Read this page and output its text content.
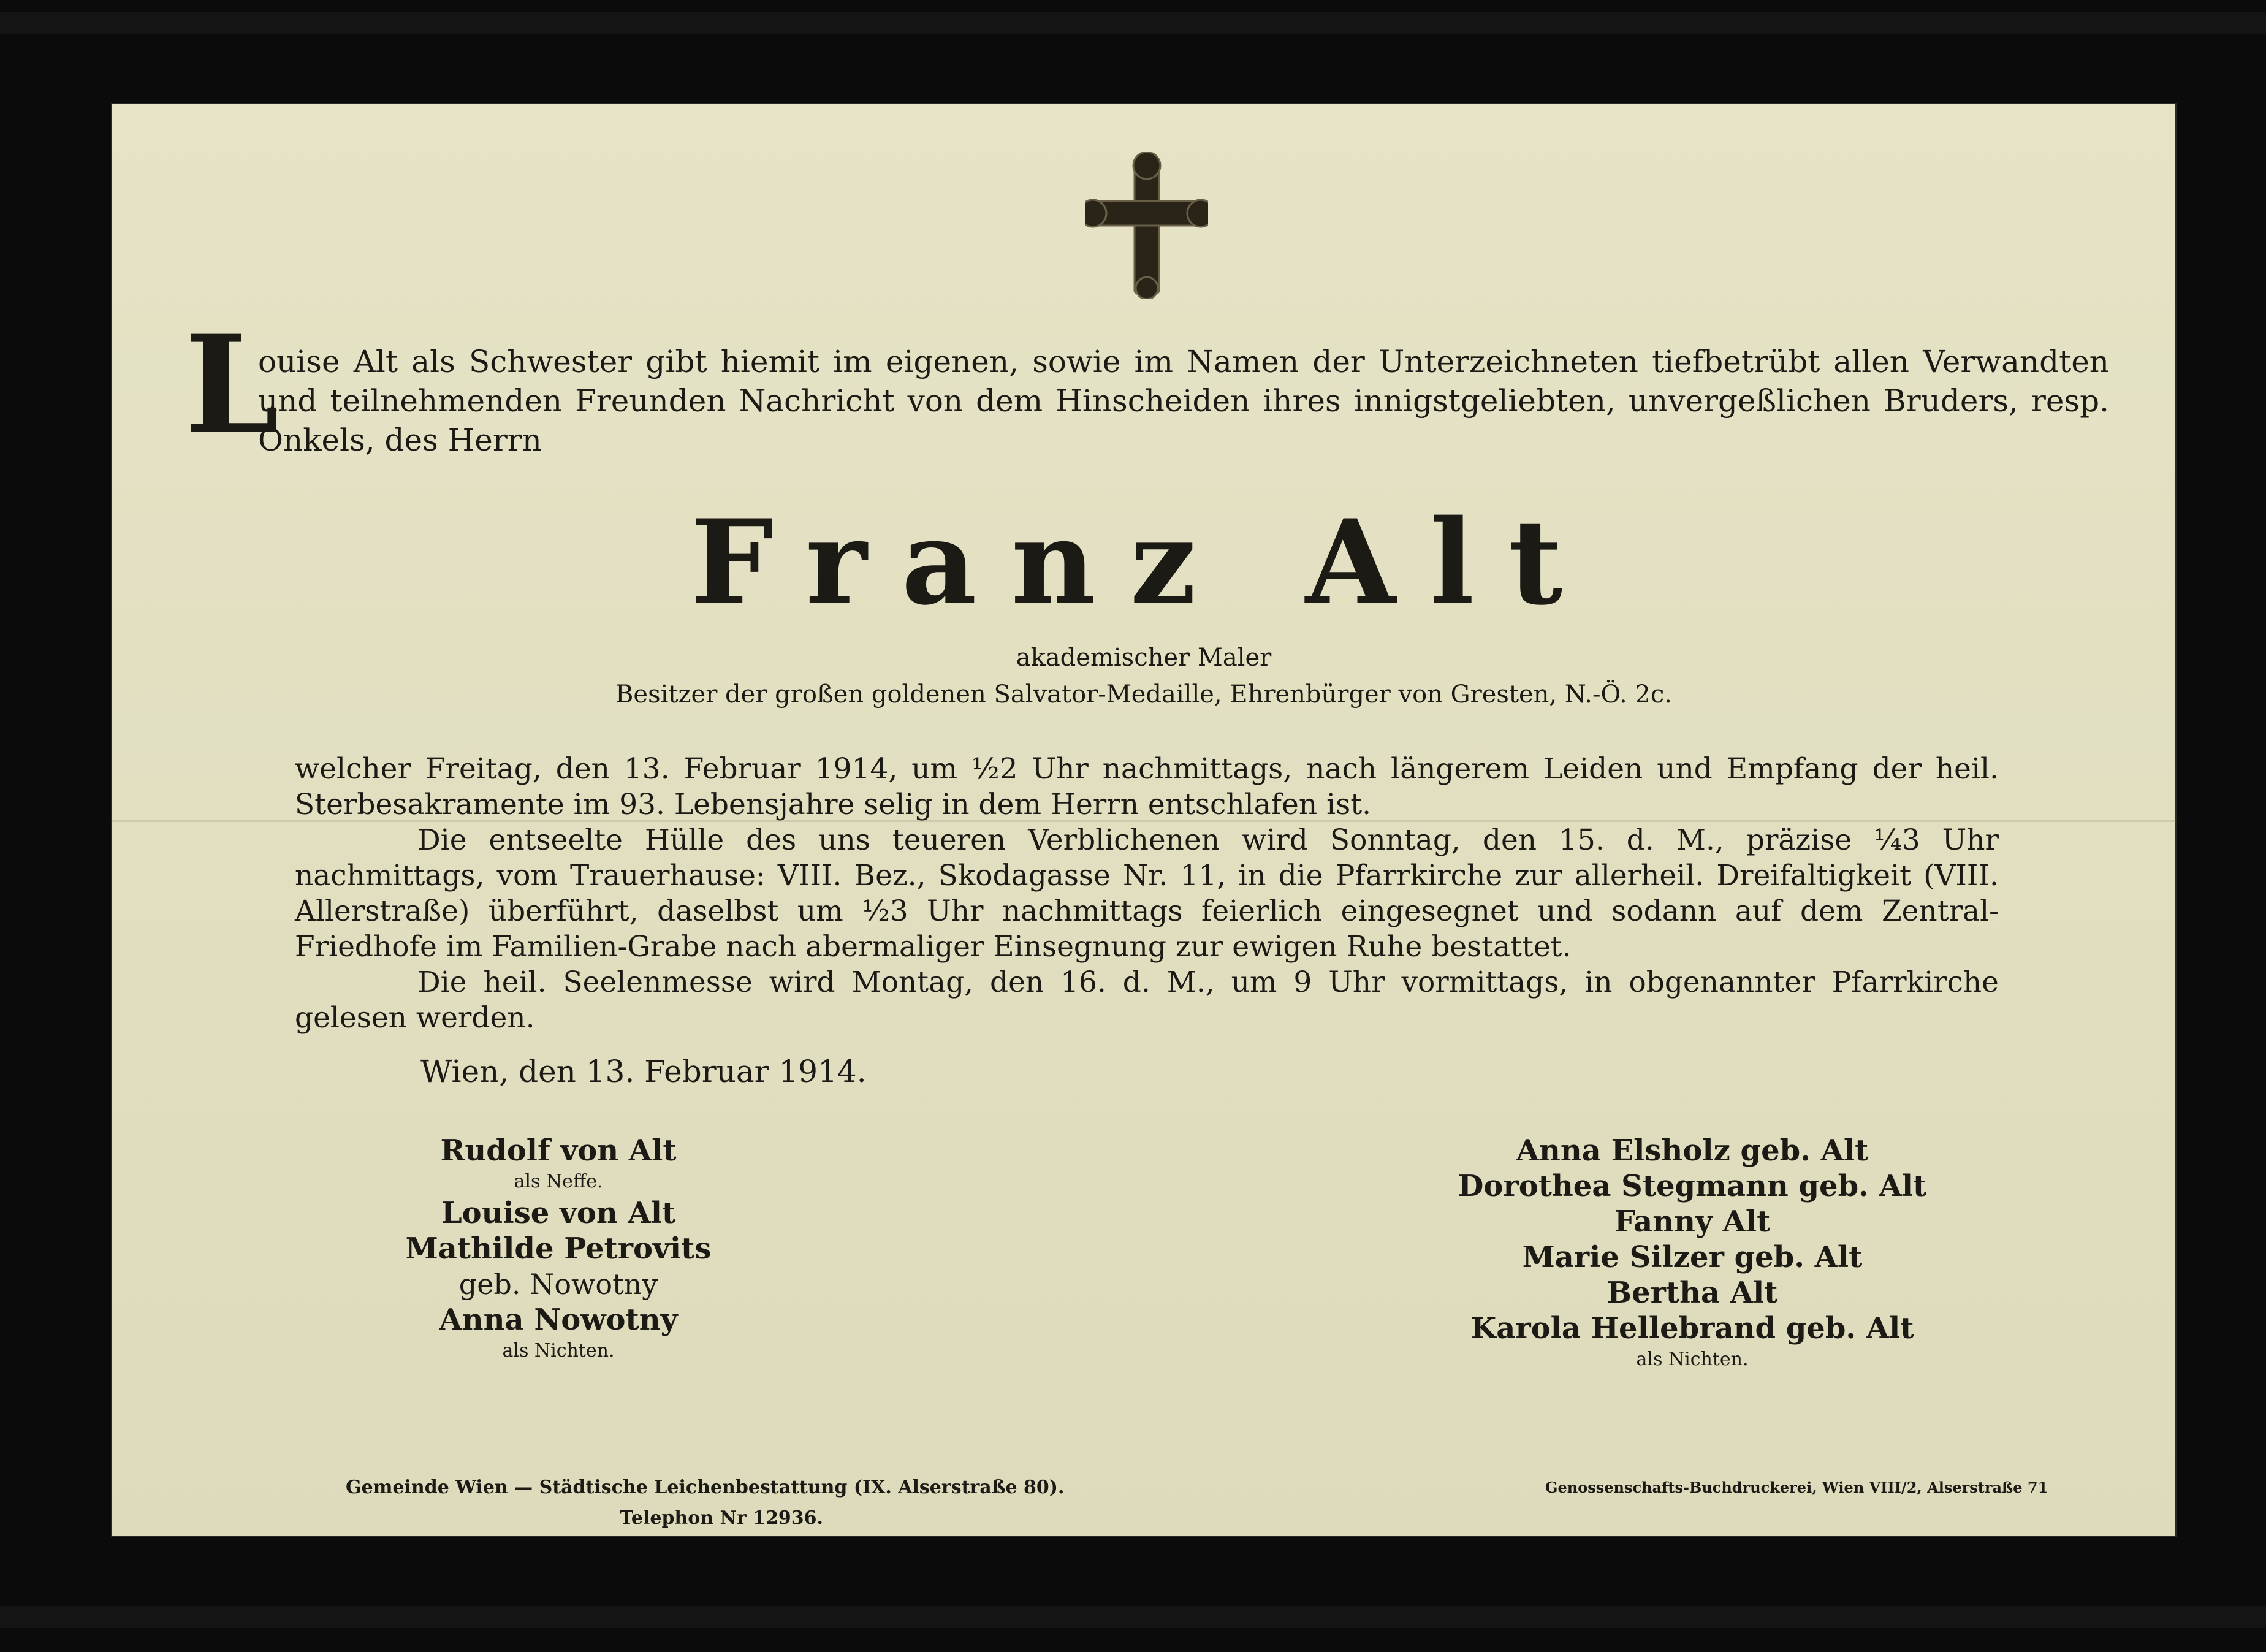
L
ouise Alt als Schwester gibt hiemit im eigenen, sowie im Namen der Unterzeichneten tiefbetrübt allen Verwandten und teilnehmenden Freunden Nachricht von dem Hinscheiden ihres innigstgeliebten, unvergeßlichen Bruders, resp. Onkels, des Herrn
Franz Alt
akademischer Maler
Besitzer der großen goldenen Salvator-Medaille, Ehrenbürger von Gresten, N.-Ö. 2c.

welcher Freitag, den 13. Februar 1914, um ½2 Uhr nachmittags, nach längerem Leiden und Empfang der heil. Sterbesakramente im 93. Lebensjahre selig in dem Herrn entschlafen ist.

Die entseelte Hülle des uns teueren Verblichenen wird Sonntag, den 15. d. M., präzise ¼3 Uhr nachmittags, vom Trauerhause: VIII. Bez., Skodagasse Nr. 11, in die Pfarrkirche zur allerheil. Dreifaltigkeit (VIII. Allerstraße) überführt, daselbst um ½3 Uhr nachmittags feierlich eingesegnet und sodann auf dem Zentral-Friedhofe im Familien-Grabe nach abermaliger Einsegnung zur ewigen Ruhe bestattet.

Die heil. Seelenmesse wird Montag, den 16. d. M., um 9 Uhr vormittags, in obgenannter Pfarrkirche gelesen werden.

Wien, den 13. Februar 1914.
Rudolf von Alt
als Neffe.
Louise von Alt
Mathilde Petrovits
geb. Nowotny
Anna Nowotny
als Nichten.
Anna Elsholz geb. Alt
Dorothea Stegmann geb. Alt
Fanny Alt
Marie Silzer geb. Alt
Bertha Alt
Karola Hellebrand geb. Alt
als Nichten.
Gemeinde Wien — Städtische Leichenbestattung (IX. Alserstraße 80).
Telephon Nr 12936.
Genossenschafts-Buchdruckerei, Wien VIII/2, Alserstraße 71
